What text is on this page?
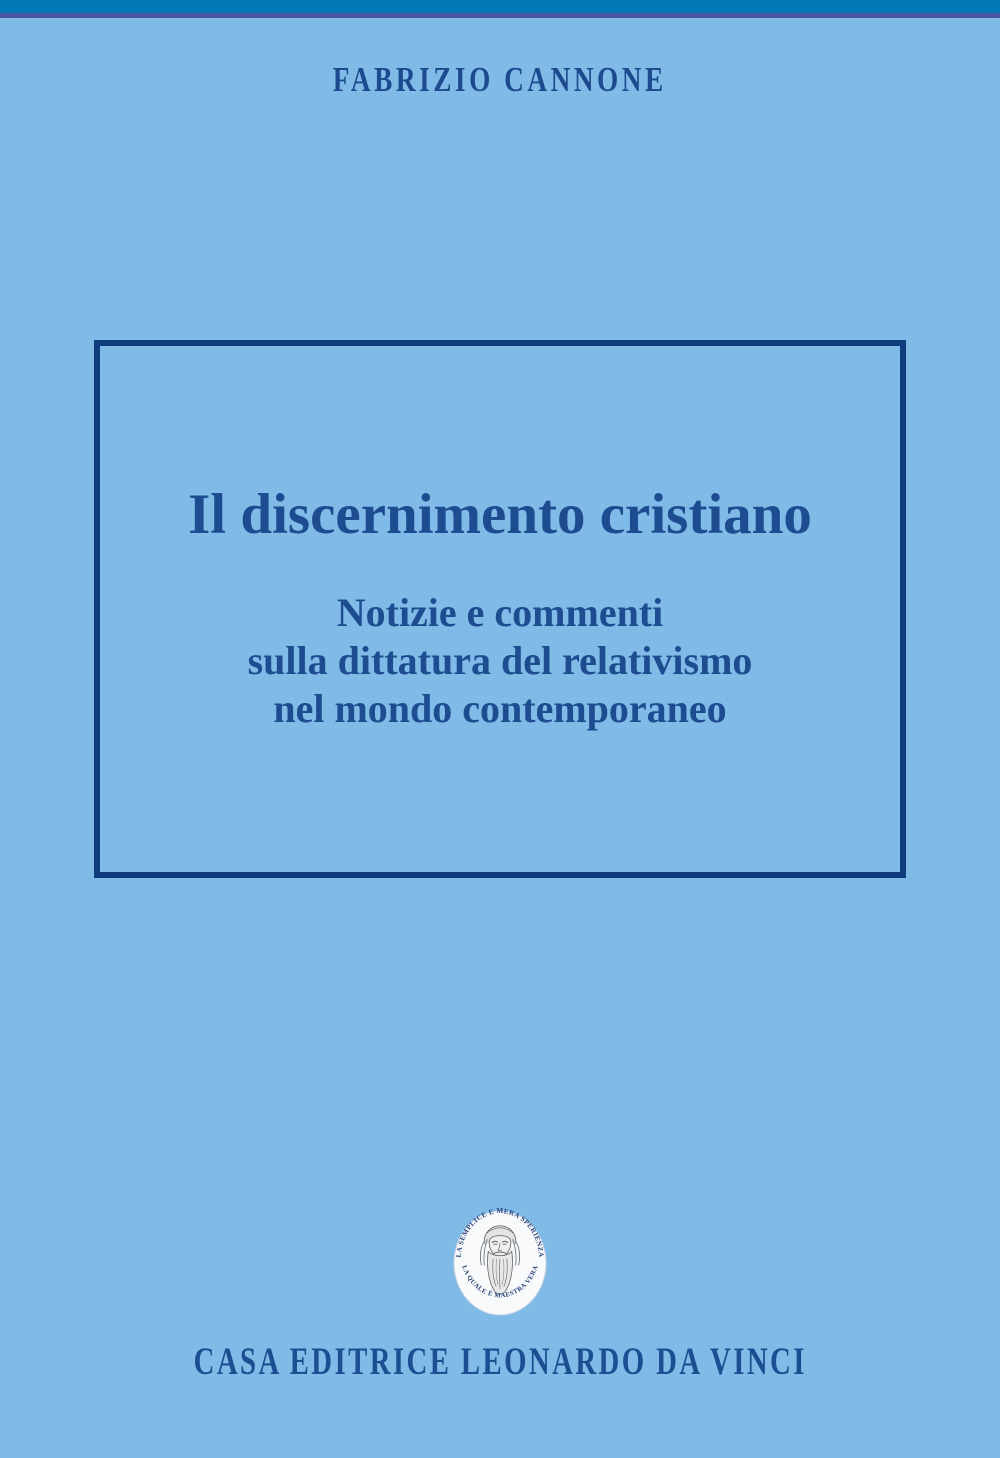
FABRIZIO CANNONE
Il discernimento cristiano
Notizie e commenti
sulla dittatura del relativismo
nel mondo contemporaneo
LA SEMPLICE E MERA SPERIENZA
LA QUALE È MAESTRA VERA
CASA EDITRICE LEONARDO DA VINCI
